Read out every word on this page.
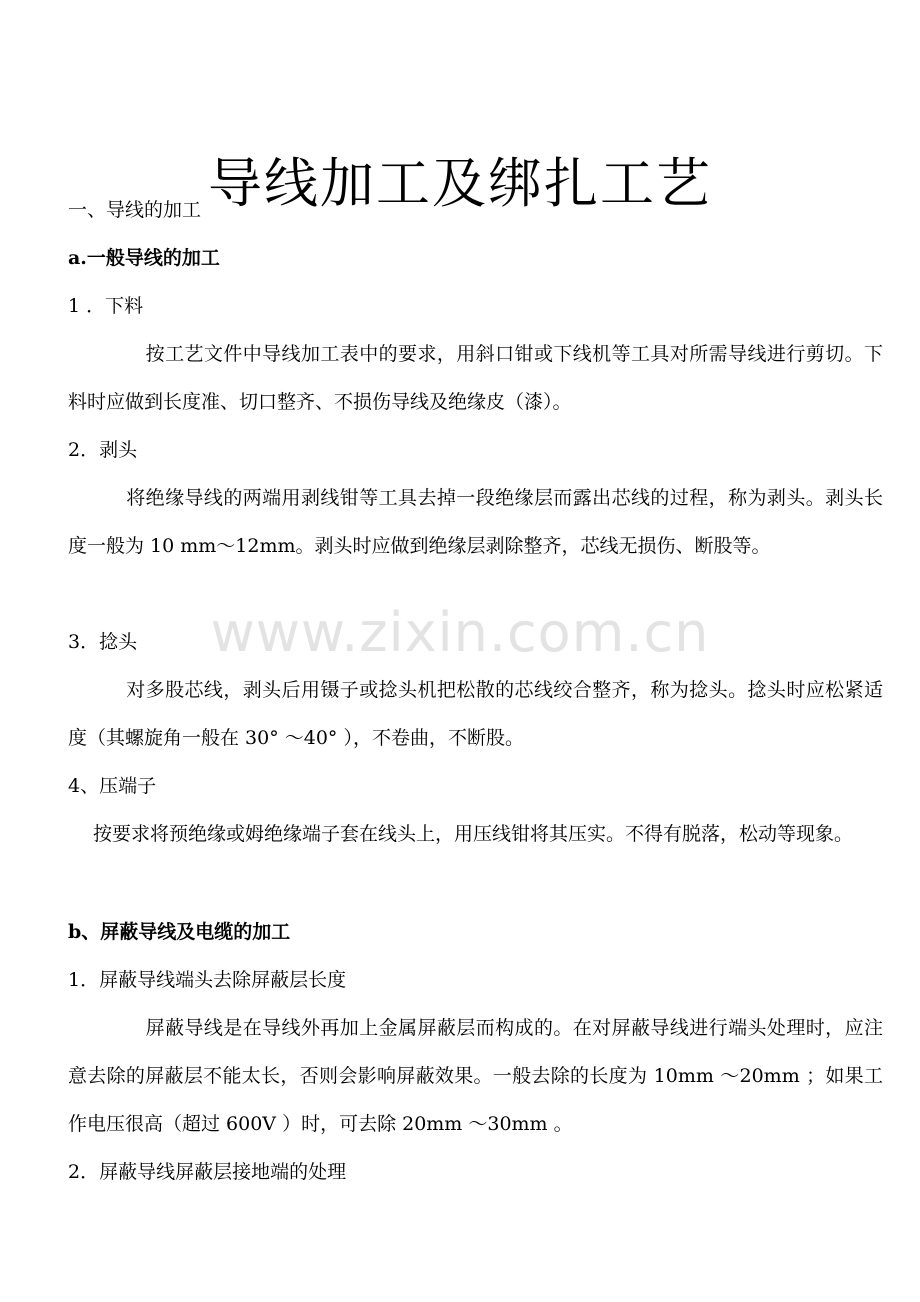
www.zixin.com.cn
导线加工及绑扎工艺
一、导线的加工
a.一般导线的加工
1 ．下料
　　　　按工艺文件中导线加工表中的要求，用斜口钳或下线机等工具对所需导线进行剪切。下料时应做到长度准、切口整齐、不损伤导线及绝缘皮（漆）。
2．剥头
　　　将绝缘导线的两端用剥线钳等工具去掉一段绝缘层而露出芯线的过程，称为剥头。剥头长度一般为 10 mm～12mm。剥头时应做到绝缘层剥除整齐，芯线无损伤、断股等。
3．捻头
　　　对多股芯线，剥头后用镊子或捻头机把松散的芯线绞合整齐，称为捻头。捻头时应松紧适度（其螺旋角一般在 30° ～40° ），不卷曲，不断股。
4、压端子
　 按要求将预绝缘或姆绝缘端子套在线头上，用压线钳将其压实。不得有脱落，松动等现象。
b、屏蔽导线及电缆的加工
1．屏蔽导线端头去除屏蔽层长度
　　　　屏蔽导线是在导线外再加上金属屏蔽层而构成的。在对屏蔽导线进行端头处理时，应注意去除的屏蔽层不能太长，否则会影响屏蔽效果。一般去除的长度为 10mm ～20mm ；如果工作电压很高（超过 600V ）时，可去除 20mm ～30mm 。
2．屏蔽导线屏蔽层接地端的处理
